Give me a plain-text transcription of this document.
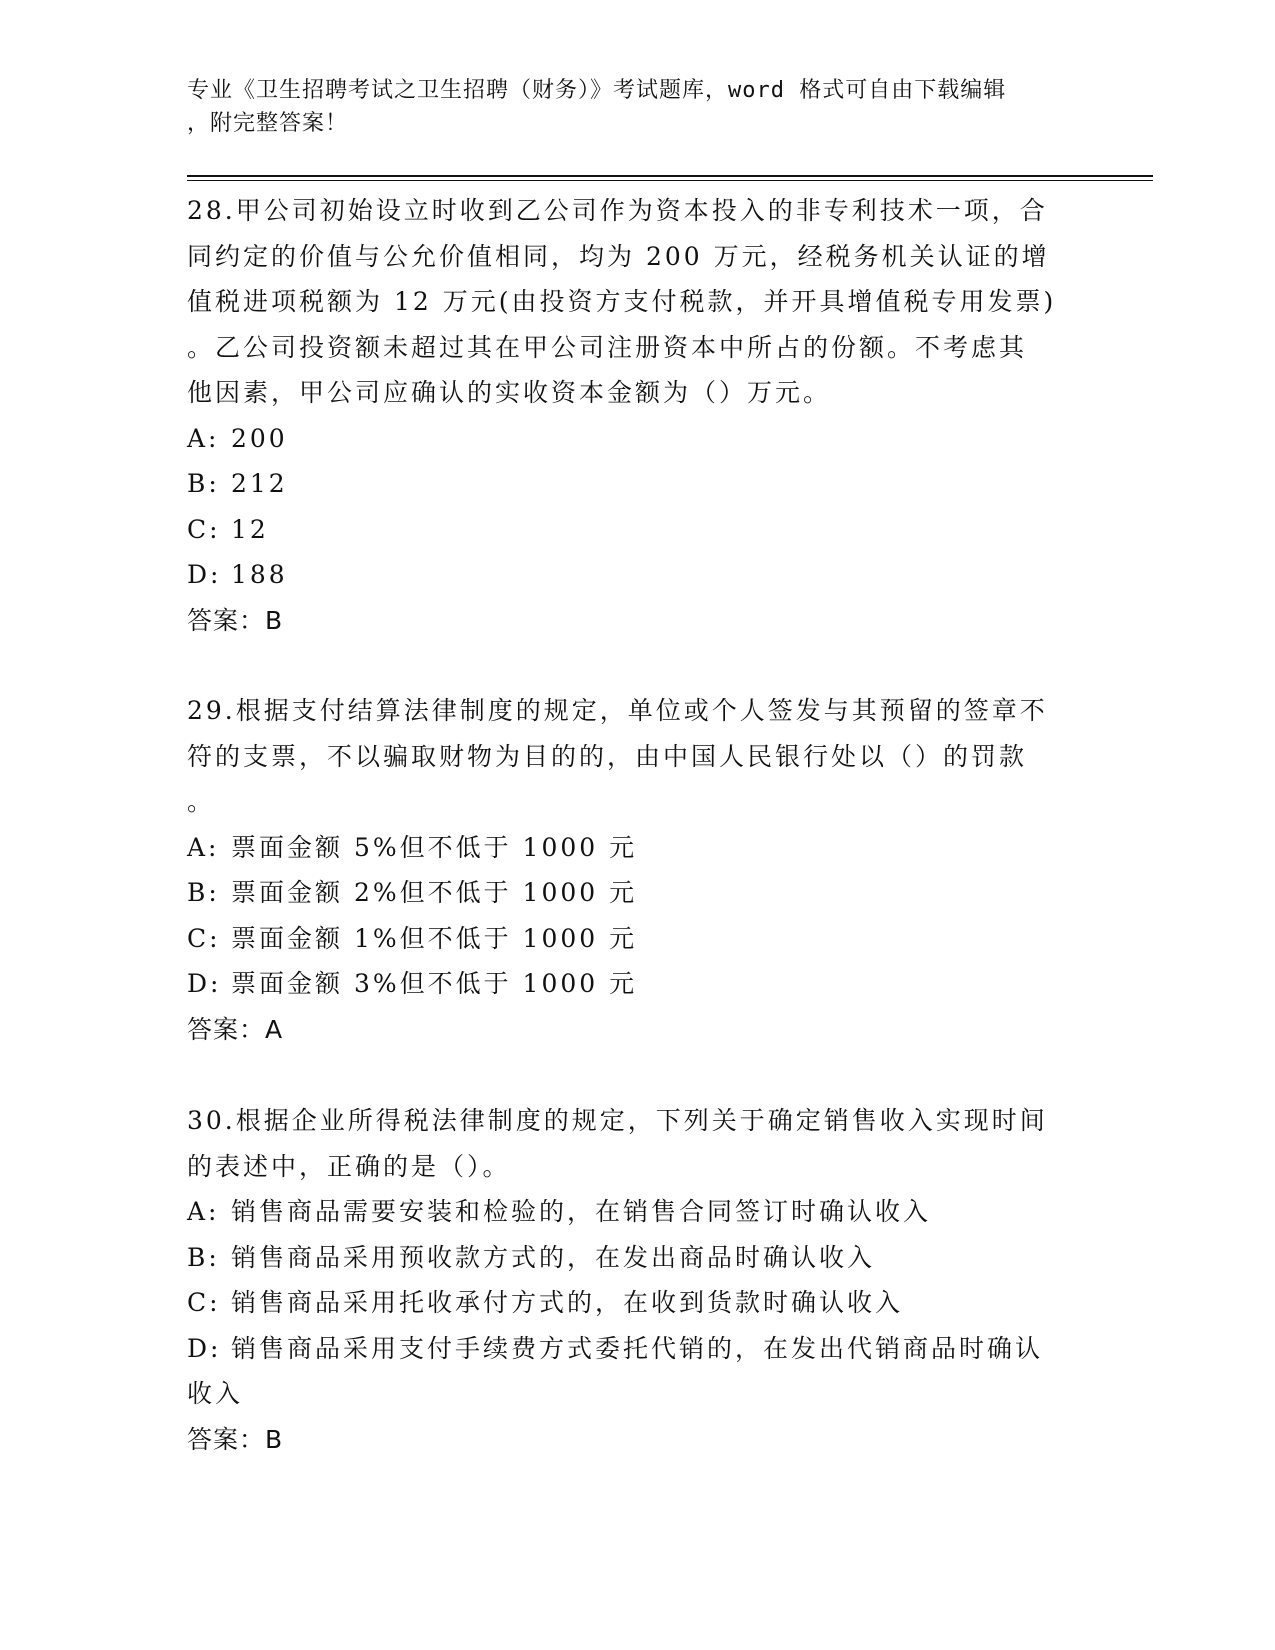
专业《卫生招聘考试之卫生招聘（财务）》考试题库，word 格式可自由下载编辑
，附完整答案！
28.甲公司初始设立时收到乙公司作为资本投入的非专利技术一项，合
同约定的价值与公允价值相同，均为 200 万元，经税务机关认证的增
值税进项税额为 12 万元(由投资方支付税款，并开具增值税专用发票)
。乙公司投资额未超过其在甲公司注册资本中所占的份额。不考虑其
他因素，甲公司应确认的实收资本金额为（）万元。
A: 200
B: 212
C: 12
D: 188
答案：B
29.根据支付结算法律制度的规定，单位或个人签发与其预留的签章不
符的支票，不以骗取财物为目的的，由中国人民银行处以（）的罚款
。
A: 票面金额 5%但不低于 1000 元
B: 票面金额 2%但不低于 1000 元
C: 票面金额 1%但不低于 1000 元
D: 票面金额 3%但不低于 1000 元
答案：A
30.根据企业所得税法律制度的规定，下列关于确定销售收入实现时间
的表述中，正确的是（）。
A: 销售商品需要安装和检验的，在销售合同签订时确认收入
B: 销售商品采用预收款方式的，在发出商品时确认收入
C: 销售商品采用托收承付方式的，在收到货款时确认收入
D: 销售商品采用支付手续费方式委托代销的，在发出代销商品时确认
收入
答案：B
